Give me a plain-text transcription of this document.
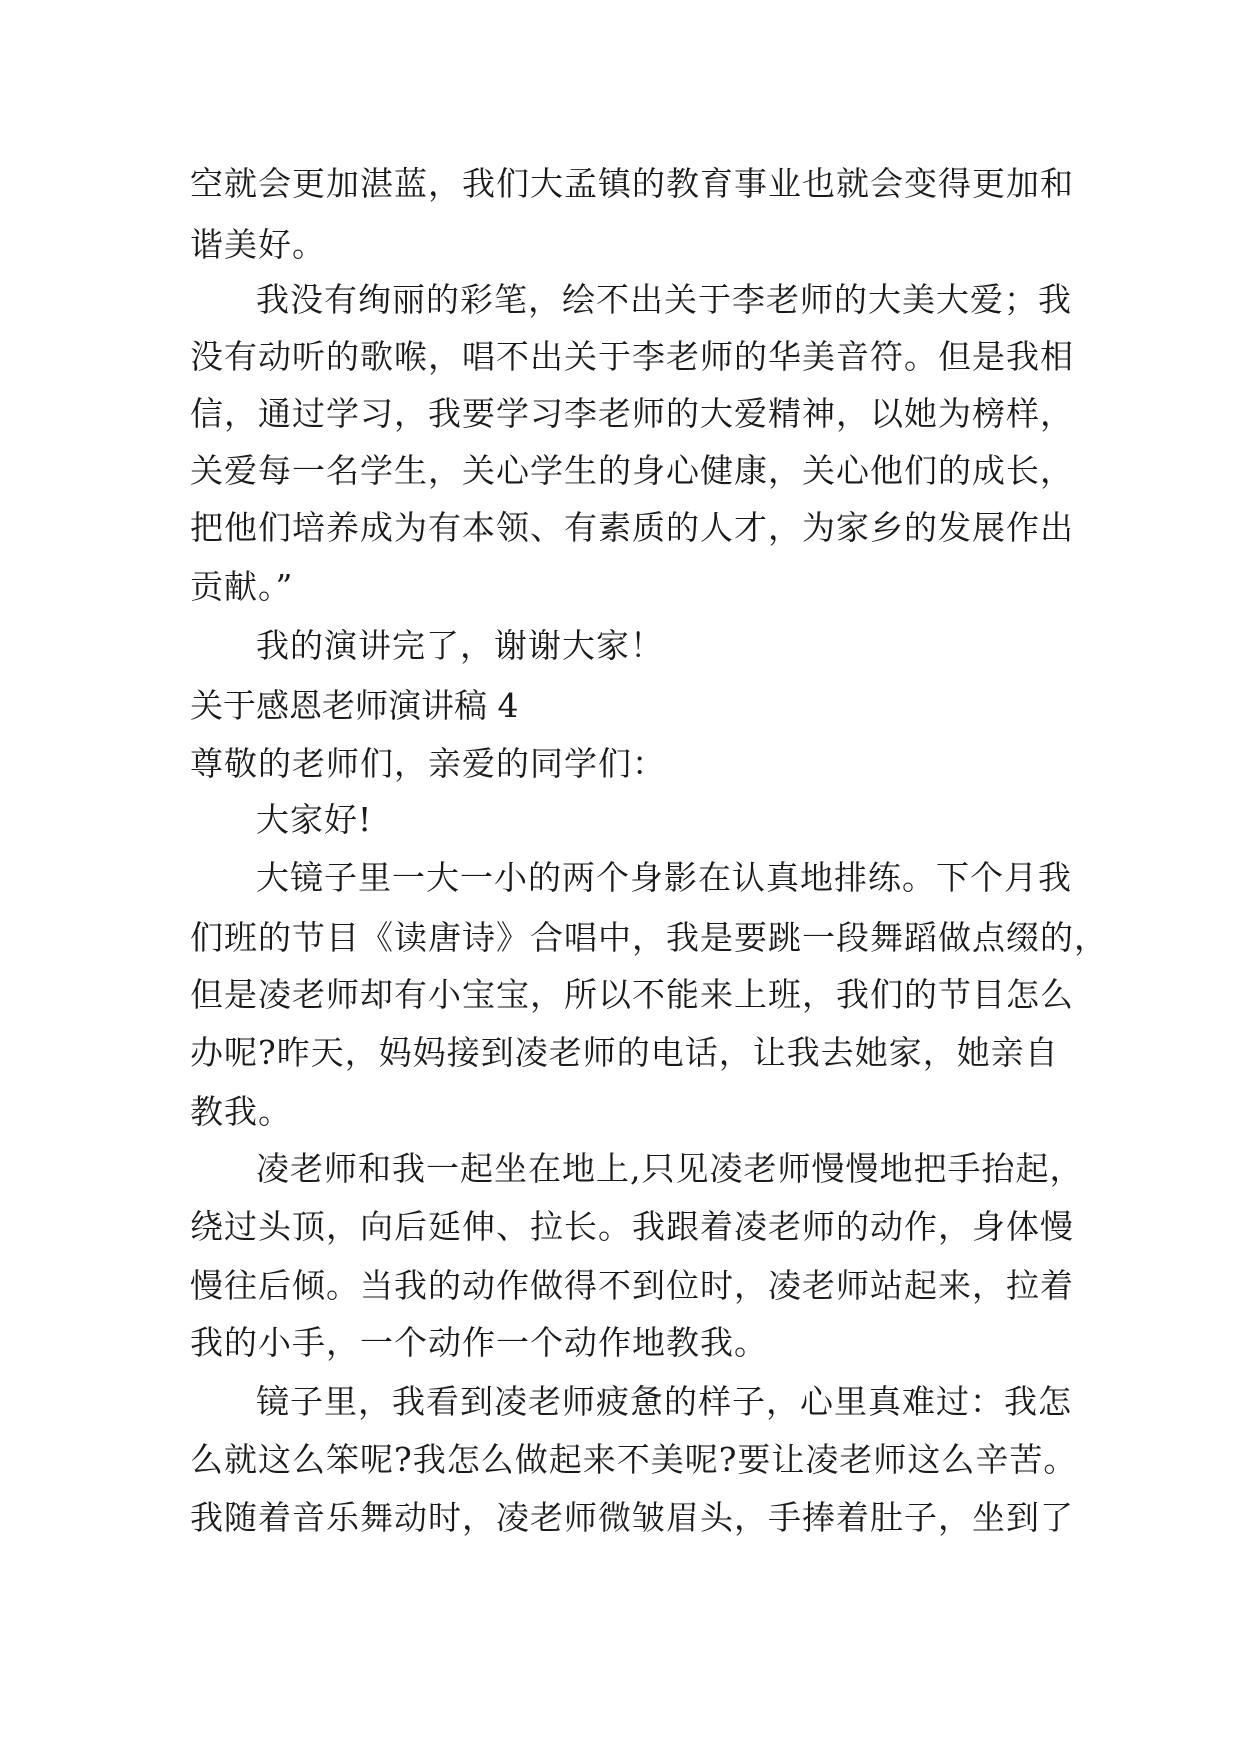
空就会更加湛蓝，我们大孟镇的教育事业也就会变得更加和
谐美好。
我没有绚丽的彩笔，绘不出关于李老师的大美大爱；我
没有动听的歌喉，唱不出关于李老师的华美音符。但是我相
信，通过学习，我要学习李老师的大爱精神，以她为榜样，
关爱每一名学生，关心学生的身心健康，关心他们的成长，
把他们培养成为有本领、有素质的人才，为家乡的发展作出
贡献。”
我的演讲完了，谢谢大家！
关于感恩老师演讲稿 4
尊敬的老师们，亲爱的同学们：
大家好!
大镜子里一大一小的两个身影在认真地排练。下个月我
们班的节目《读唐诗》合唱中，我是要跳一段舞蹈做点缀的，
但是凌老师却有小宝宝，所以不能来上班，我们的节目怎么
办呢?昨天，妈妈接到凌老师的电话，让我去她家，她亲自
教我。
凌老师和我一起坐在地上,只见凌老师慢慢地把手抬起，
绕过头顶，向后延伸、拉长。我跟着凌老师的动作，身体慢
慢往后倾。当我的动作做得不到位时，凌老师站起来，拉着
我的小手，一个动作一个动作地教我。
镜子里，我看到凌老师疲惫的样子，心里真难过：我怎
么就这么笨呢?我怎么做起来不美呢?要让凌老师这么辛苦。
我随着音乐舞动时，凌老师微皱眉头，手捧着肚子，坐到了
